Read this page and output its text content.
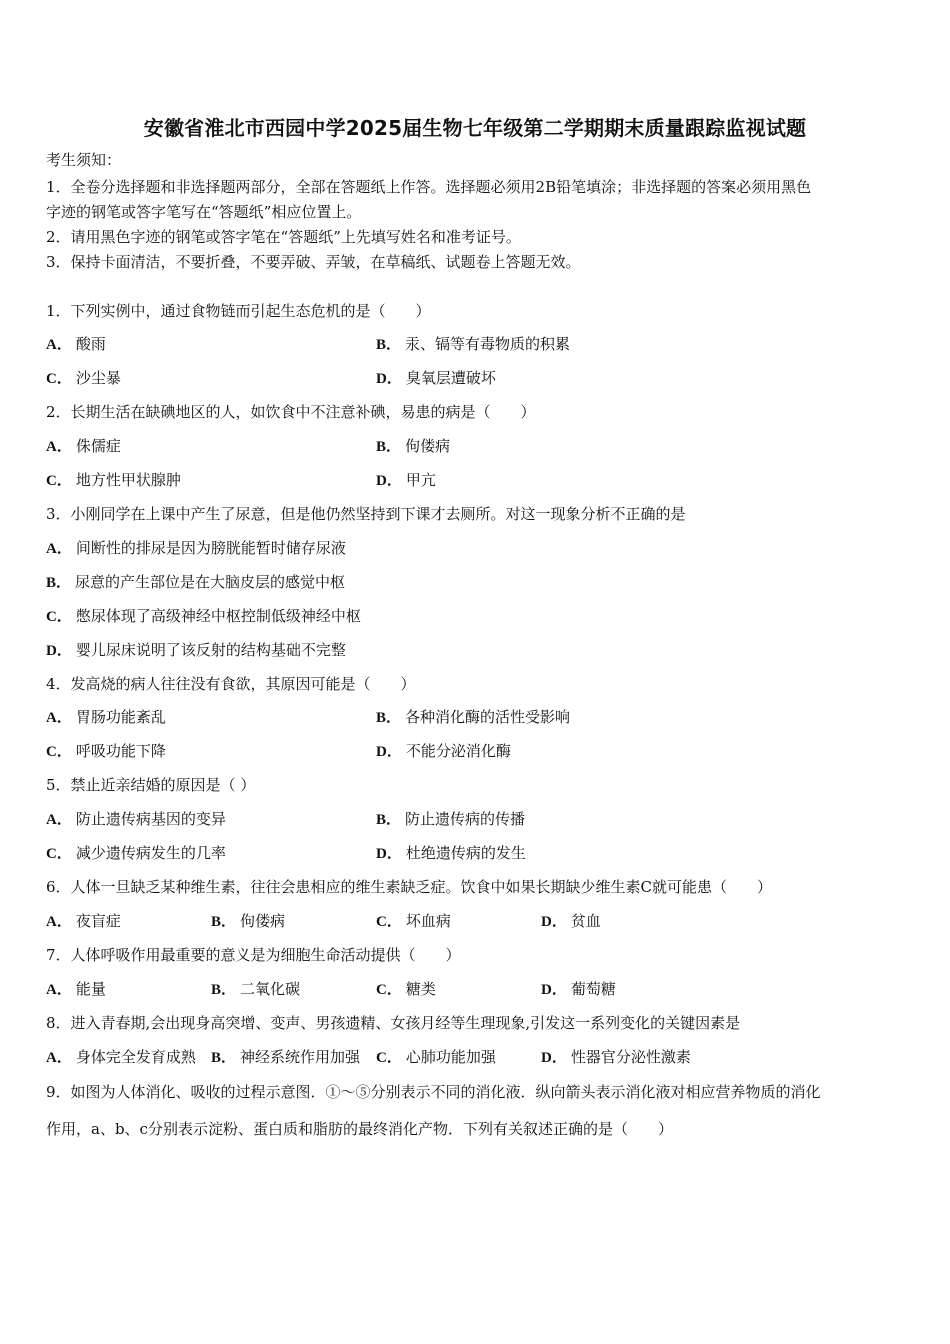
安徽省淮北市西园中学2025届生物七年级第二学期期末质量跟踪监视试题
考生须知：
1．全卷分选择题和非选择题两部分，全部在答题纸上作答。选择题必须用2B铅笔填涂；非选择题的答案必须用黑色
字迹的钢笔或答字笔写在“答题纸”相应位置上。
2．请用黑色字迹的钢笔或答字笔在“答题纸”上先填写姓名和准考证号。
3．保持卡面清洁，不要折叠，不要弄破、弄皱，在草稿纸、试题卷上答题无效。
1．下列实例中，通过食物链而引起生态危机的是（　　）
A． 酸雨	B． 汞、镉等有毒物质的积累
C． 沙尘暴	D． 臭氧层遭破坏
2．长期生活在缺碘地区的人，如饮食中不注意补碘，易患的病是（　　）
A． 侏儒症	B． 佝偻病
C． 地方性甲状腺肿	D． 甲亢
3．小刚同学在上课中产生了尿意，但是他仍然坚持到下课才去厕所。对这一现象分析不正确的是
A． 间断性的排尿是因为膀胱能暂时储存尿液
B． 尿意的产生部位是在大脑皮层的感觉中枢
C． 憋尿体现了高级神经中枢控制低级神经中枢
D． 婴儿尿床说明了该反射的结构基础不完整
4．发高烧的病人往往没有食欲，其原因可能是（　　）
A． 胃肠功能紊乱	B． 各种消化酶的活性受影响
C． 呼吸功能下降	D． 不能分泌消化酶
5．禁止近亲结婚的原因是（ ）
A． 防止遗传病基因的变异	B． 防止遗传病的传播
C． 减少遗传病发生的几率	D． 杜绝遗传病的发生
6．人体一旦缺乏某种维生素，往往会患相应的维生素缺乏症。饮食中如果长期缺少维生素C就可能患（　　）
A． 夜盲症	B． 佝偻病	C． 坏血病	D． 贫血
7．人体呼吸作用最重要的意义是为细胞生命活动提供（　　）
A． 能量	B． 二氧化碳	C． 糖类	D． 葡萄糖
8．进入青春期,会出现身高突增、变声、男孩遗精、女孩月经等生理现象,引发这一系列变化的关键因素是
A． 身体完全发育成熟 B． 神经系统作用加强 C． 心肺功能加强	D． 性器官分泌性激素
9．如图为人体消化、吸收的过程示意图．①～⑤分别表示不同的消化液．纵向箭头表示消化液对相应营养物质的消化
作用，a、b、c分别表示淀粉、蛋白质和脂肪的最终消化产物．下列有关叙述正确的是（　　）
